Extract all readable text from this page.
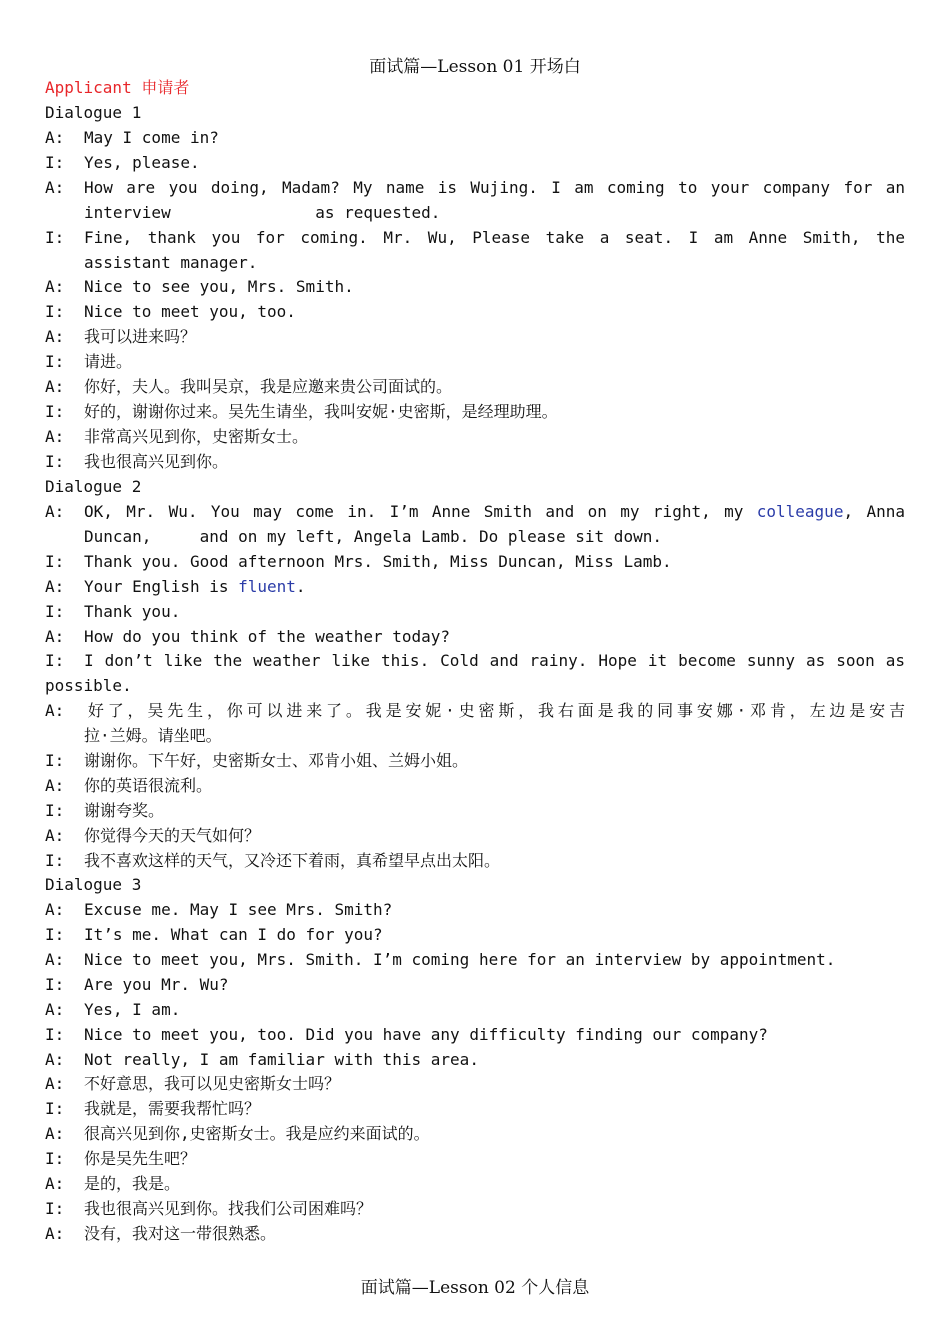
面试篇—Lesson 01 开场白
Applicant 申请者
Dialogue 1
A: May I come in?
I: Yes, please.
A: How are you doing, Madam? My name is Wujing. I am coming to your company for an
interview               as requested.
I: Fine, thank you for coming. Mr. Wu, Please take a seat. I am Anne Smith, the
assistant manager.
A: Nice to see you, Mrs. Smith.
I: Nice to meet you, too.
A: 我可以进来吗？
I: 请进。
A: 你好，夫人。我叫吴京，我是应邀来贵公司面试的。
I: 好的，谢谢你过来。吴先生请坐，我叫安妮·史密斯，是经理助理。
A: 非常高兴见到你，史密斯女士。
I: 我也很高兴见到你。
Dialogue 2
A: OK, Mr. Wu. You may come in. I’m Anne Smith and on my right, my colleague, Anna
Duncan,     and on my left, Angela Lamb. Do please sit down.
I: Thank you. Good afternoon Mrs. Smith, Miss Duncan, Miss Lamb.
A: Your English is fluent.
I: Thank you.
A: How do you think of the weather today?
I: I don’t like the weather like this. Cold and rainy. Hope it become sunny as soon as
possible.
A: 好了，吴先生，你可以进来了。我是安妮·史密斯，我右面是我的同事安娜·邓肯，左边是安吉
拉·兰姆。请坐吧。
I: 谢谢你。下午好，史密斯女士、邓肯小姐、兰姆小姐。
A: 你的英语很流利。
I: 谢谢夸奖。
A: 你觉得今天的天气如何？
I: 我不喜欢这样的天气，又冷还下着雨，真希望早点出太阳。
Dialogue 3
A: Excuse me. May I see Mrs. Smith?
I: It’s me. What can I do for you?
A: Nice to meet you, Mrs. Smith. I’m coming here for an interview by appointment.
I: Are you Mr. Wu?
A: Yes, I am.
I: Nice to meet you, too. Did you have any difficulty finding our company?
A: Not really, I am familiar with this area.
A: 不好意思，我可以见史密斯女士吗？
I: 我就是，需要我帮忙吗？
A: 很高兴见到你,史密斯女士。我是应约来面试的。
I: 你是吴先生吧？
A: 是的，我是。
I: 我也很高兴见到你。找我们公司困难吗？
A: 没有，我对这一带很熟悉。
面试篇—Lesson 02 个人信息
